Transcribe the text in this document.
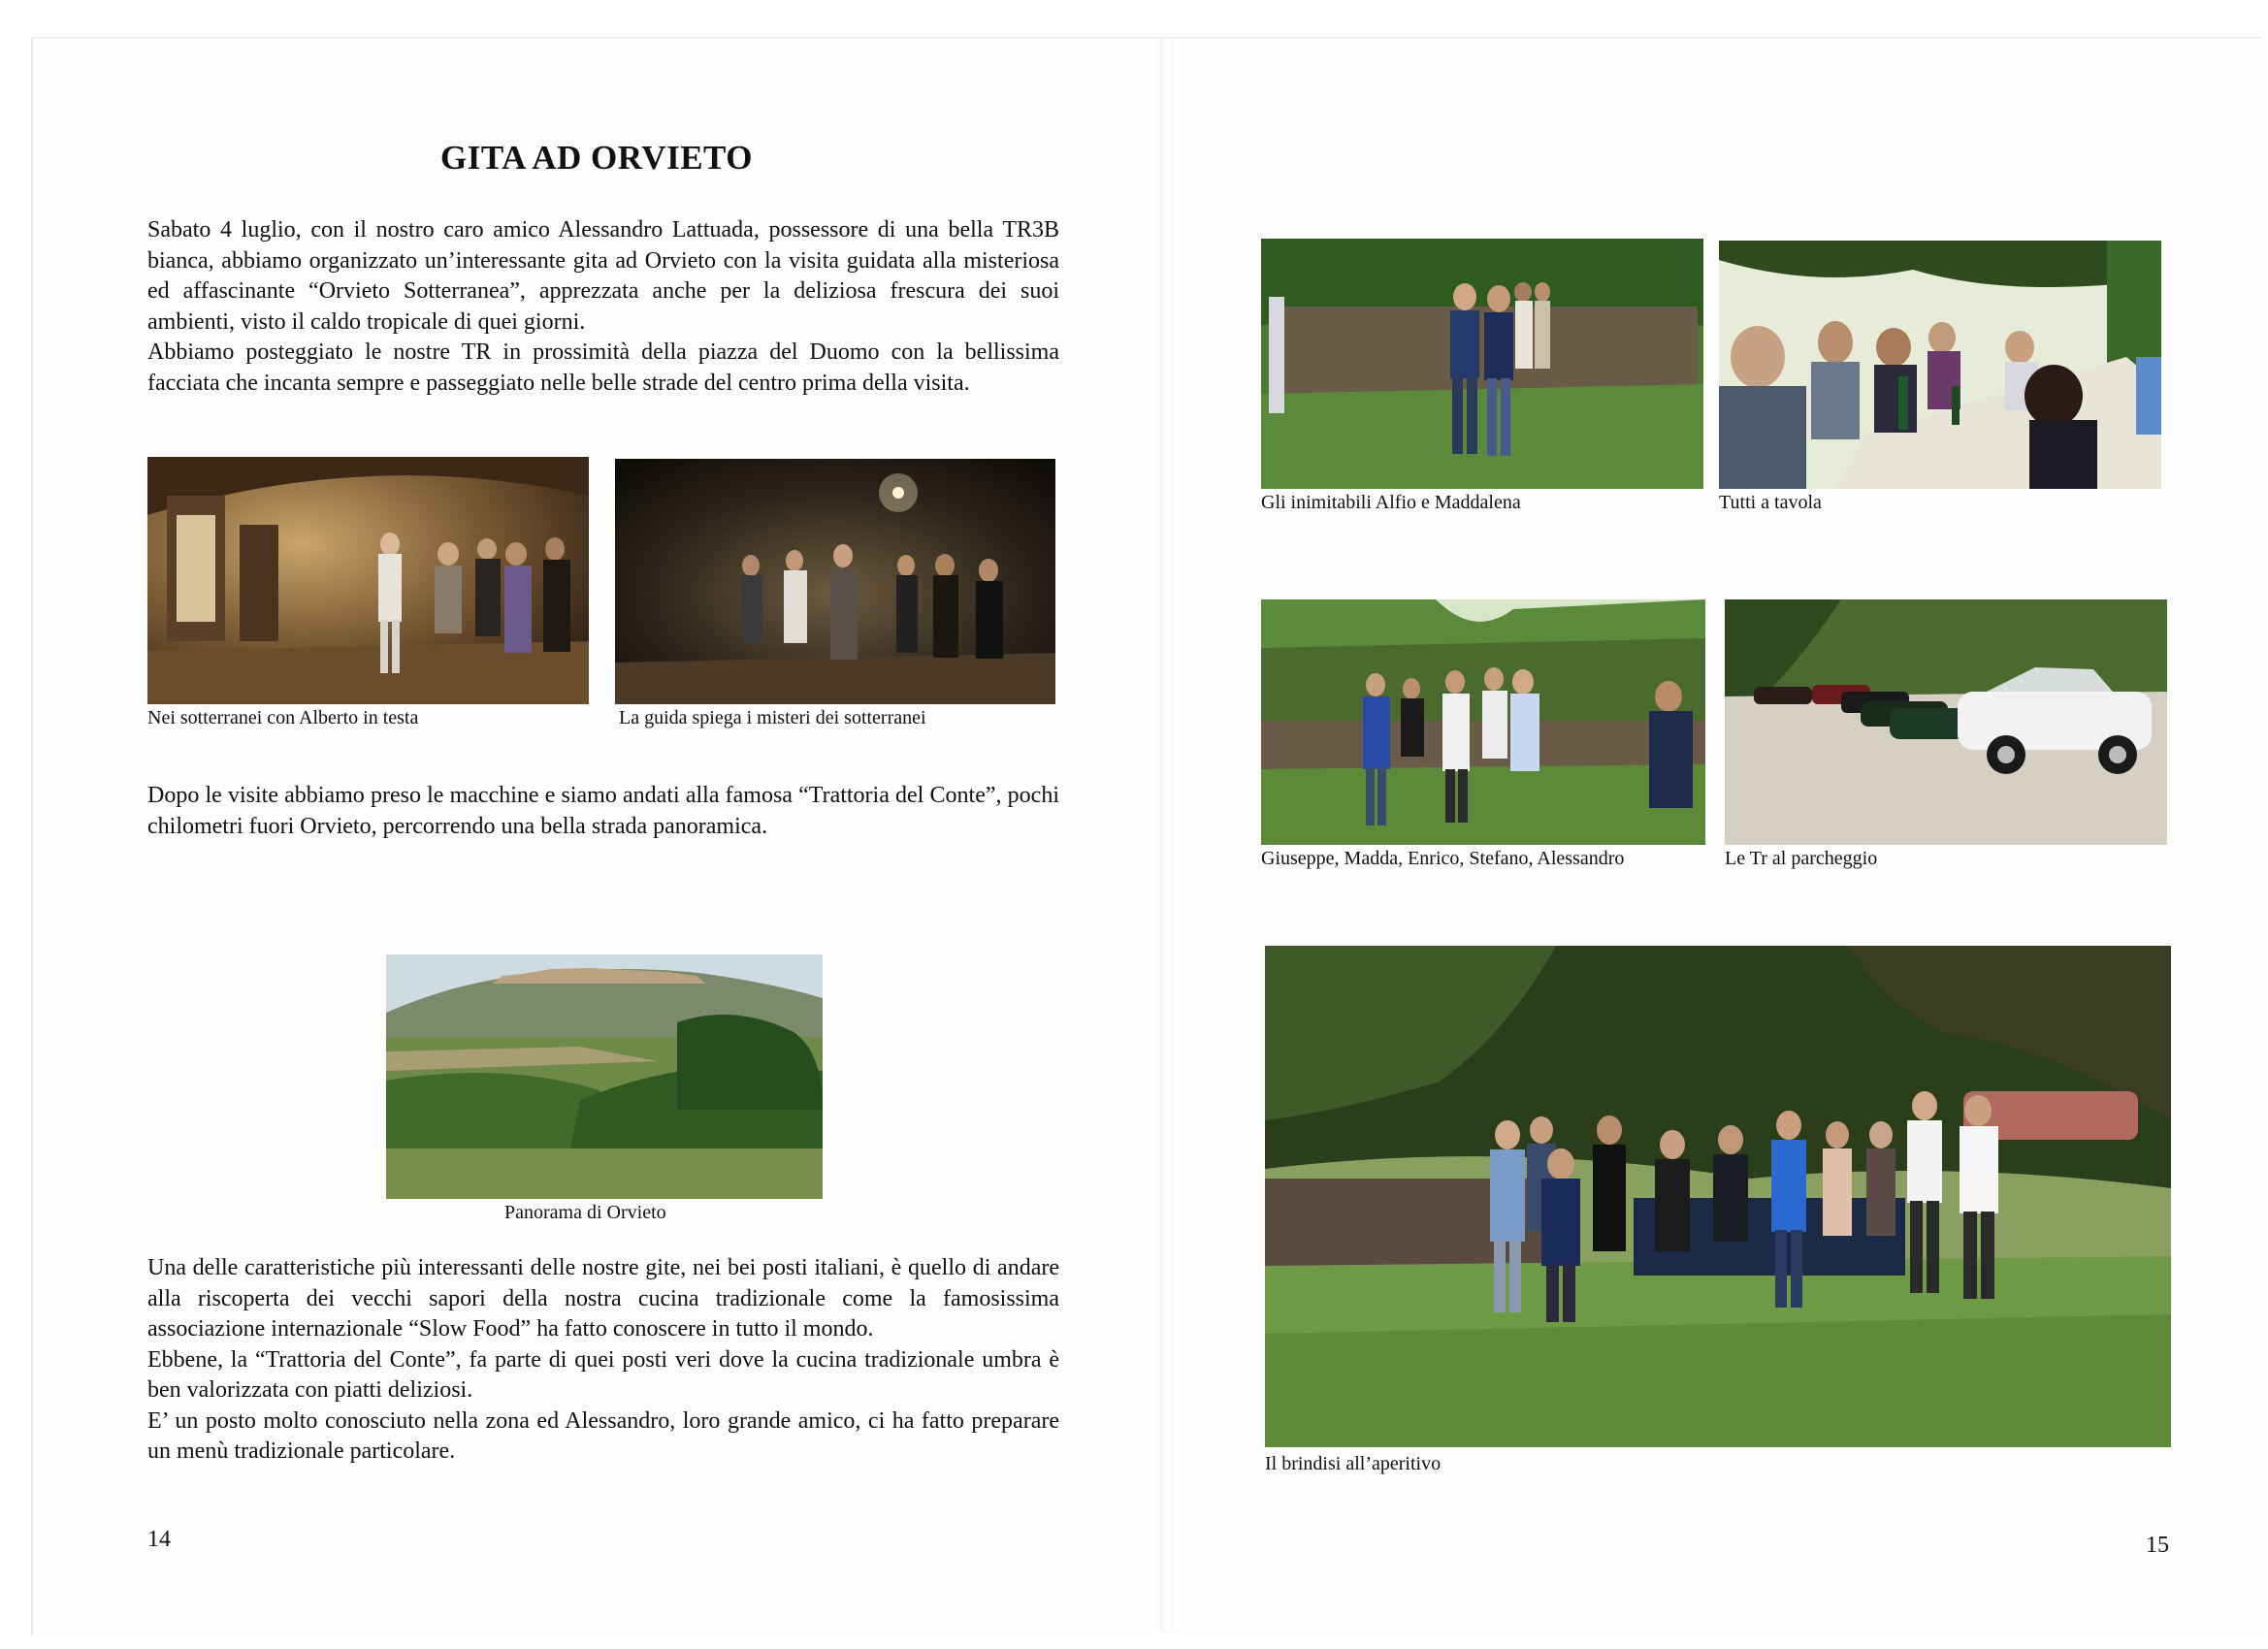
GITA AD ORVIETO

Sabato 4 luglio, con il nostro caro amico Alessandro Lattuada, possessore di una bella TR3B bianca, abbiamo organizzato un’interessante gita ad Orvieto con la visita guidata alla misteriosa ed affascinante “Orvieto Sotterranea”, apprezzata anche per la deliziosa frescura dei suoi ambienti, visto il caldo tropicale di quei giorni.

Abbiamo posteggiato le nostre TR in prossimità della piazza del Duomo con la bellissima facciata che incanta sempre e passeggiato nelle belle strade del centro prima della visita.

Nei sotterranei con Alberto in testa	La guida spiega i misteri dei sotterranei
Dopo le visite abbiamo preso le macchine e siamo andati alla famosa “Trattoria del Conte”, pochi chilometri fuori Orvieto, percorrendo una bella strada panoramica.
Panorama di Orvieto

Una delle caratteristiche più interessanti delle nostre gite, nei bei posti italiani, è quello di andare alla riscoperta dei vecchi sapori della nostra cucina tradizionale come la famosissima associazione internazionale “Slow Food” ha fatto conoscere in tutto il mondo.

Ebbene, la “Trattoria del Conte”, fa parte di quei posti veri dove la cucina tradizionale umbra è ben valorizzata con piatti deliziosi.

E’ un posto molto conosciuto nella zona ed Alessandro, loro grande amico, ci ha fatto preparare un menù tradizionale particolare.

14
Gli inimitabili Alfio e Maddalena	Tutti a tavola
Giuseppe, Madda, Enrico, Stefano, Alessandro	Le Tr al parcheggio
Il brindisi all’aperitivo
15
